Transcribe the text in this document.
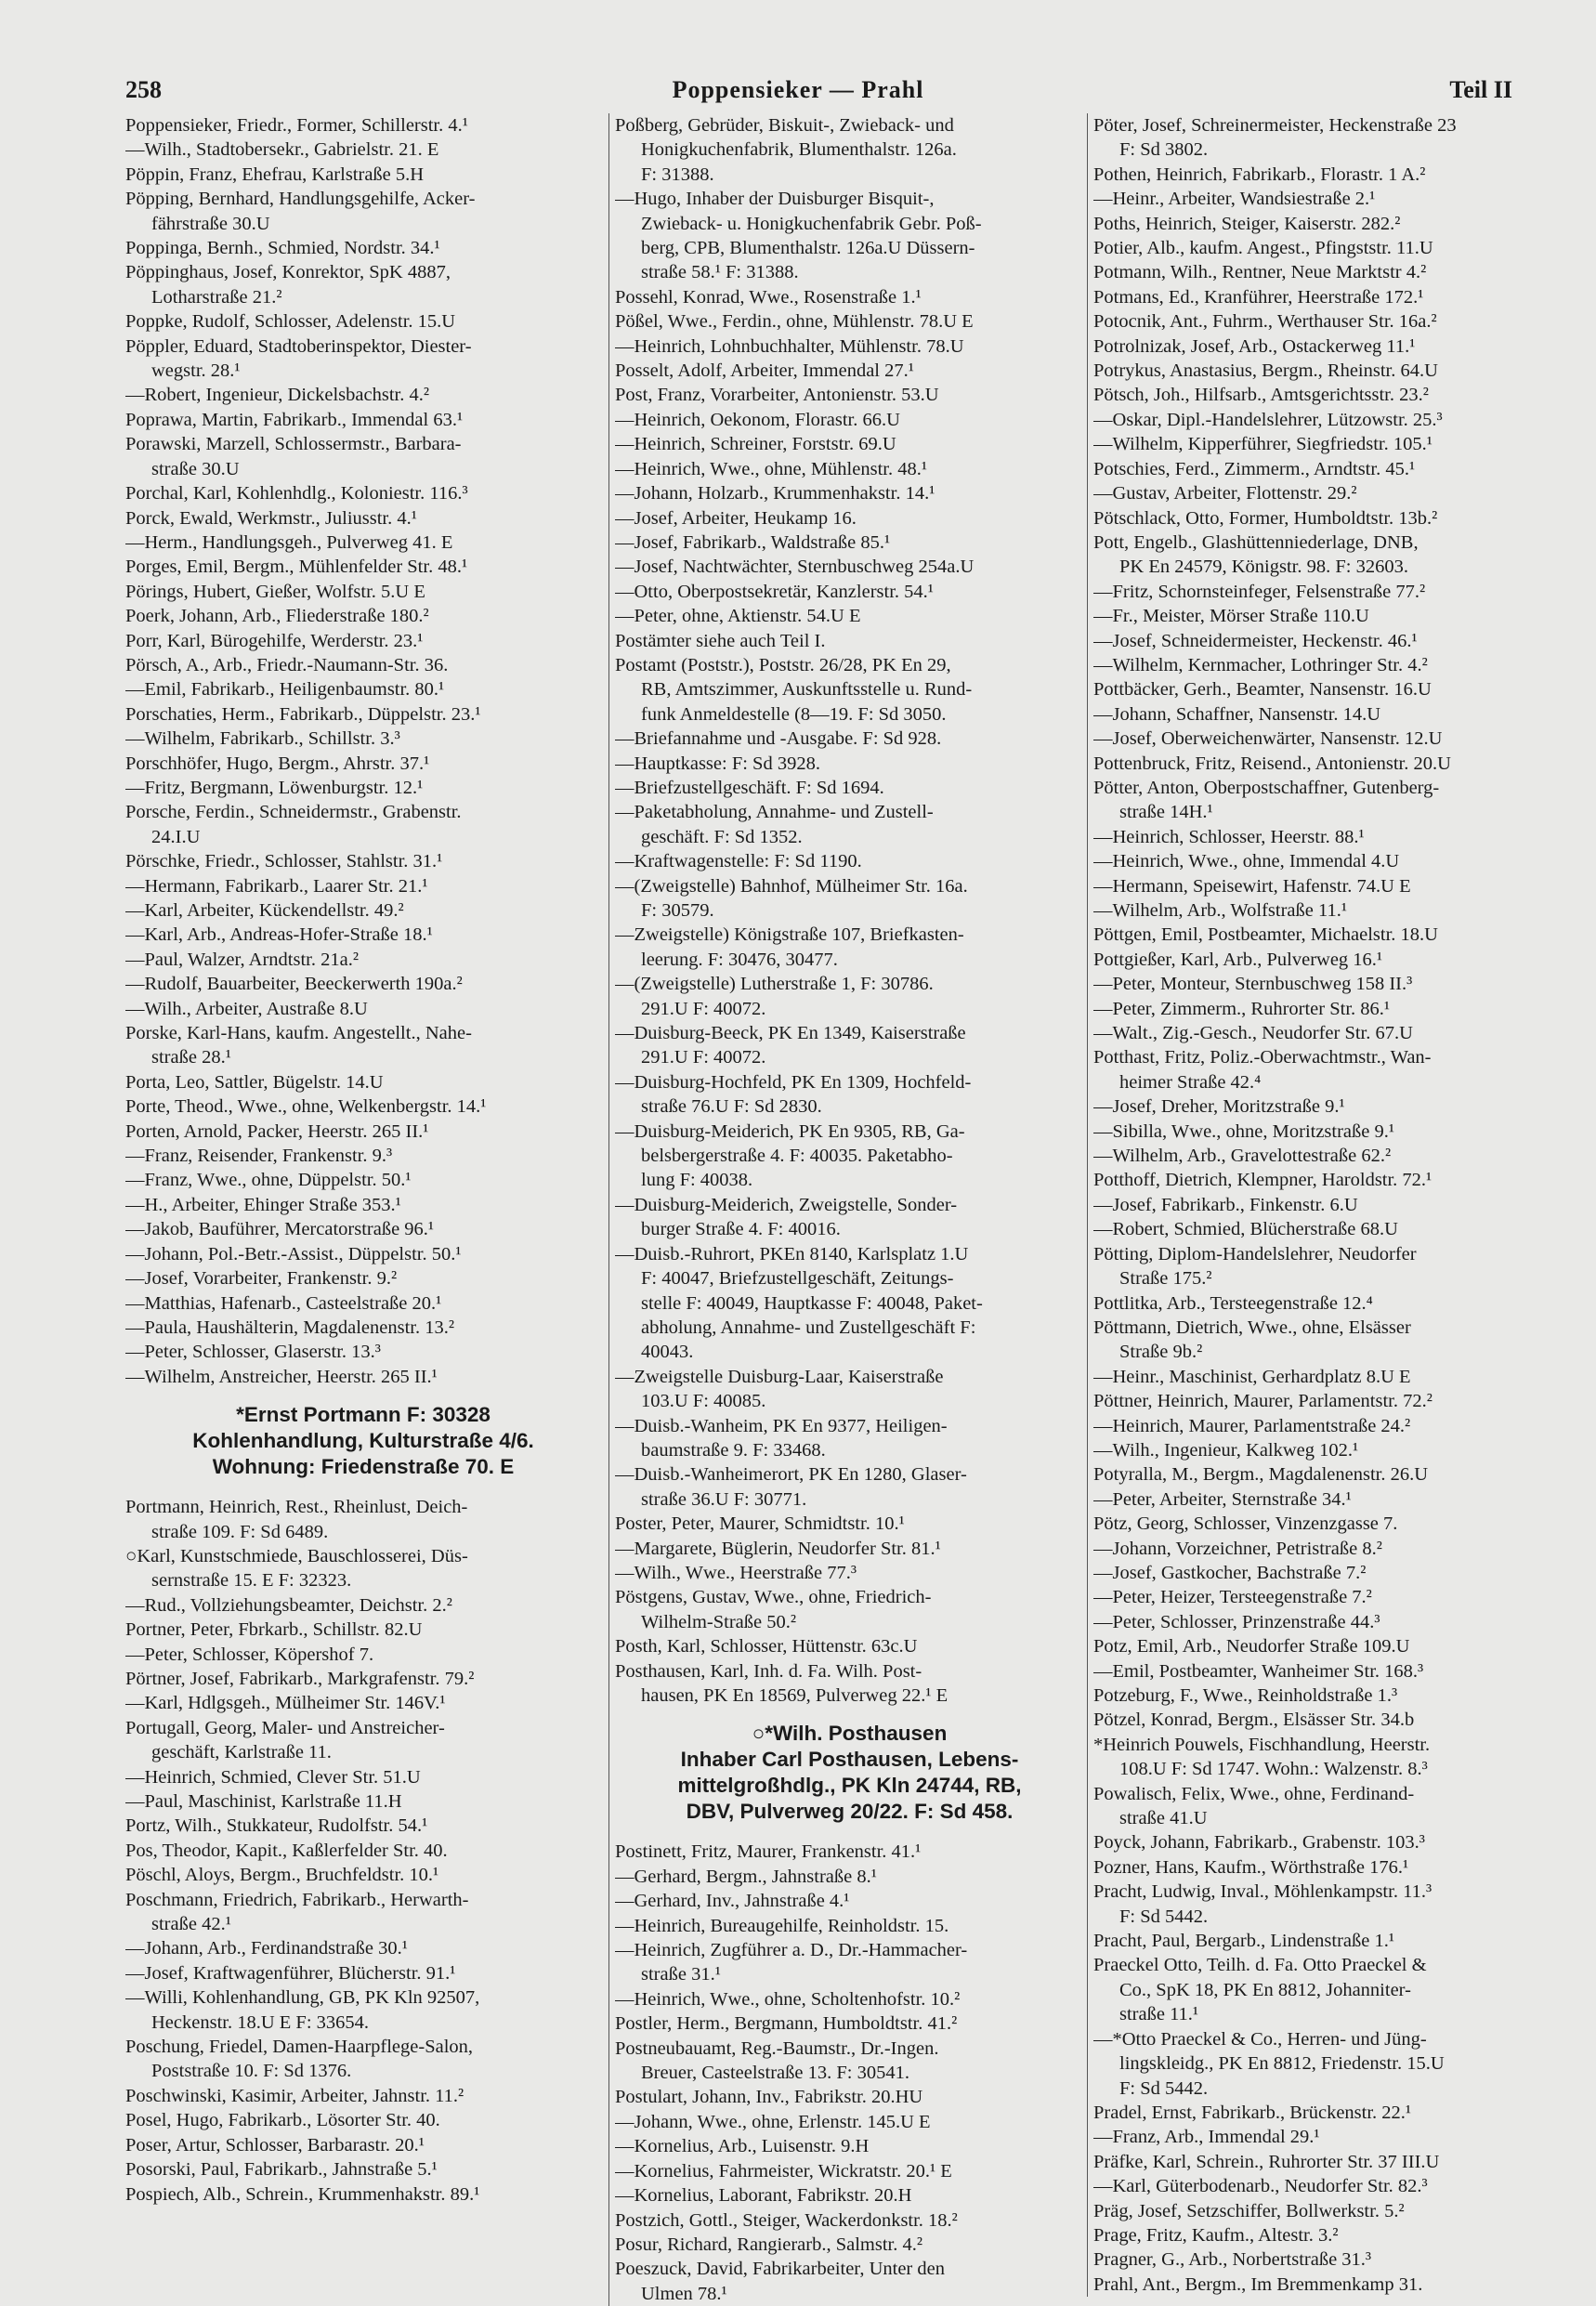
258	Poppensieker — Prahl	Teil II
Poppensieker, Friedr., Former, Schillerstr. 4.¹
—Wilh., Stadtobersekr., Gabrielstr. 21. E
Pöppin, Franz, Ehefrau, Karlstraße 5.H
Pöpping, Bernhard, Handlungsgehilfe, Acker-
fährstraße 30.U
Poppinga, Bernh., Schmied, Nordstr. 34.¹
Pöppinghaus, Josef, Konrektor, SpK 4887,
Lotharstraße 21.²
Poppke, Rudolf, Schlosser, Adelenstr. 15.U
Pöppler, Eduard, Stadtoberinspektor, Diester-
wegstr. 28.¹
—Robert, Ingenieur, Dickelsbachstr. 4.²
Poprawa, Martin, Fabrikarb., Immendal 63.¹
Porawski, Marzell, Schlossermstr., Barbara-
straße 30.U
Porchal, Karl, Kohlenhdlg., Koloniestr. 116.³
Porck, Ewald, Werkmstr., Juliusstr. 4.¹
—Herm., Handlungsgeh., Pulverweg 41. E
Porges, Emil, Bergm., Mühlenfelder Str. 48.¹
Pörings, Hubert, Gießer, Wolfstr. 5.U E
Poerk, Johann, Arb., Fliederstraße 180.²
Porr, Karl, Bürogehilfe, Werderstr. 23.¹
Pörsch, A., Arb., Friedr.-Naumann-Str. 36.
—Emil, Fabrikarb., Heiligenbaumstr. 80.¹
Porschaties, Herm., Fabrikarb., Düppelstr. 23.¹
—Wilhelm, Fabrikarb., Schillstr. 3.³
Porschhöfer, Hugo, Bergm., Ahrstr. 37.¹
—Fritz, Bergmann, Löwenburgstr. 12.¹
Porsche, Ferdin., Schneidermstr., Grabenstr.
24.I.U
Pörschke, Friedr., Schlosser, Stahlstr. 31.¹
—Hermann, Fabrikarb., Laarer Str. 21.¹
—Karl, Arbeiter, Kückendellstr. 49.²
—Karl, Arb., Andreas-Hofer-Straße 18.¹
—Paul, Walzer, Arndtstr. 21a.²
—Rudolf, Bauarbeiter, Beeckerwerth 190a.²
—Wilh., Arbeiter, Austraße 8.U
Porske, Karl-Hans, kaufm. Angestellt., Nahe-
straße 28.¹
Porta, Leo, Sattler, Bügelstr. 14.U
Porte, Theod., Wwe., ohne, Welkenbergstr. 14.¹
Porten, Arnold, Packer, Heerstr. 265 II.¹
—Franz, Reisender, Frankenstr. 9.³
—Franz, Wwe., ohne, Düppelstr. 50.¹
—H., Arbeiter, Ehinger Straße 353.¹
—Jakob, Bauführer, Mercatorstraße 96.¹
—Johann, Pol.-Betr.-Assist., Düppelstr. 50.¹
—Josef, Vorarbeiter, Frankenstr. 9.²
—Matthias, Hafenarb., Casteelstraße 20.¹
—Paula, Haushälterin, Magdalenenstr. 13.²
—Peter, Schlosser, Glaserstr. 13.³
—Wilhelm, Anstreicher, Heerstr. 265 II.¹
*Ernst Portmann F: 30328
Kohlenhandlung, Kulturstraße 4/6.
Wohnung: Friedenstraße 70. E
Portmann, Heinrich, Rest., Rheinlust, Deich-
straße 109. F: Sd 6489.
○Karl, Kunstschmiede, Bauschlosserei, Düs-
sernstraße 15. E F: 32323.
—Rud., Vollziehungsbeamter, Deichstr. 2.²
Portner, Peter, Fbrkarb., Schillstr. 82.U
—Peter, Schlosser, Köpershof 7.
Pörtner, Josef, Fabrikarb., Markgrafenstr. 79.²
—Karl, Hdlgsgeh., Mülheimer Str. 146V.¹
Portugall, Georg, Maler- und Anstreicher-
geschäft, Karlstraße 11.
—Heinrich, Schmied, Clever Str. 51.U
—Paul, Maschinist, Karlstraße 11.H
Portz, Wilh., Stukkateur, Rudolfstr. 54.¹
Pos, Theodor, Kapit., Kaßlerfelder Str. 40.
Pöschl, Aloys, Bergm., Bruchfeldstr. 10.¹
Poschmann, Friedrich, Fabrikarb., Herwarth-
straße 42.¹
—Johann, Arb., Ferdinandstraße 30.¹
—Josef, Kraftwagenführer, Blücherstr. 91.¹
—Willi, Kohlenhandlung, GB, PK Kln 92507,
Heckenstr. 18.U E F: 33654.
Poschung, Friedel, Damen-Haarpflege-Salon,
Poststraße 10. F: Sd 1376.
Poschwinski, Kasimir, Arbeiter, Jahnstr. 11.²
Posel, Hugo, Fabrikarb., Lösorter Str. 40.
Poser, Artur, Schlosser, Barbarastr. 20.¹
Posorski, Paul, Fabrikarb., Jahnstraße 5.¹
Pospiech, Alb., Schrein., Krummenhakstr. 89.¹
Poßberg, Gebrüder, Biskuit-, Zwieback- und
Honigkuchenfabrik, Blumenthalstr. 126a.
F: 31388.
—Hugo, Inhaber der Duisburger Bisquit-,
Zwieback- u. Honigkuchenfabrik Gebr. Poß-
berg, CPB, Blumenthalstr. 126a.U Düssern-
straße 58.¹ F: 31388.
Possehl, Konrad, Wwe., Rosenstraße 1.¹
Pößel, Wwe., Ferdin., ohne, Mühlenstr. 78.U E
—Heinrich, Lohnbuchhalter, Mühlenstr. 78.U
Posselt, Adolf, Arbeiter, Immendal 27.¹
Post, Franz, Vorarbeiter, Antonienstr. 53.U
—Heinrich, Oekonom, Florastr. 66.U
—Heinrich, Schreiner, Forststr. 69.U
—Heinrich, Wwe., ohne, Mühlenstr. 48.¹
—Johann, Holzarb., Krummenhakstr. 14.¹
—Josef, Arbeiter, Heukamp 16.
—Josef, Fabrikarb., Waldstraße 85.¹
—Josef, Nachtwächter, Sternbuschweg 254a.U
—Otto, Oberpostsekretär, Kanzlerstr. 54.¹
—Peter, ohne, Aktienstr. 54.U E
Postämter siehe auch Teil I.
Postamt (Poststr.), Poststr. 26/28, PK En 29,
RB, Amtszimmer, Auskunftsstelle u. Rund-
funk Anmeldestelle (8—19. F: Sd 3050.
—Briefannahme und -Ausgabe. F: Sd 928.
—Hauptkasse: F: Sd 3928.
—Briefzustellgeschäft. F: Sd 1694.
—Paketabholung, Annahme- und Zustell-
geschäft. F: Sd 1352.
—Kraftwagenstelle: F: Sd 1190.
—(Zweigstelle) Bahnhof, Mülheimer Str. 16a.
F: 30579.
—Zweigstelle) Königstraße 107, Briefkasten-
leerung. F: 30476, 30477.
—(Zweigstelle) Lutherstraße 1, F: 30786.
291.U F: 40072.
—Duisburg-Beeck, PK En 1349, Kaiserstraße
291.U F: 40072.
—Duisburg-Hochfeld, PK En 1309, Hochfeld-
straße 76.U F: Sd 2830.
—Duisburg-Meiderich, PK En 9305, RB, Ga-
belsbergerstraße 4. F: 40035. Paketabho-
lung F: 40038.
—Duisburg-Meiderich, Zweigstelle, Sonder-
burger Straße 4. F: 40016.
—Duisb.-Ruhrort, PKEn 8140, Karlsplatz 1.U
F: 40047, Briefzustellgeschäft, Zeitungs-
stelle F: 40049, Hauptkasse F: 40048, Paket-
abholung, Annahme- und Zustellgeschäft F:
40043.
—Zweigstelle Duisburg-Laar, Kaiserstraße
103.U F: 40085.
—Duisb.-Wanheim, PK En 9377, Heiligen-
baumstraße 9. F: 33468.
—Duisb.-Wanheimerort, PK En 1280, Glaser-
straße 36.U F: 30771.
Poster, Peter, Maurer, Schmidtstr. 10.¹
—Margarete, Büglerin, Neudorfer Str. 81.¹
—Wilh., Wwe., Heerstraße 77.³
Pöstgens, Gustav, Wwe., ohne, Friedrich-
Wilhelm-Straße 50.²
Posth, Karl, Schlosser, Hüttenstr. 63c.U
Posthausen, Karl, Inh. d. Fa. Wilh. Post-
hausen, PK En 18569, Pulverweg 22.¹ E
○*Wilh. Posthausen
Inhaber Carl Posthausen, Lebens-
mittelgroßhdlg., PK Kln 24744, RB,
DBV, Pulverweg 20/22. F: Sd 458.
Postinett, Fritz, Maurer, Frankenstr. 41.¹
—Gerhard, Bergm., Jahnstraße 8.¹
—Gerhard, Inv., Jahnstraße 4.¹
—Heinrich, Bureaugehilfe, Reinholdstr. 15.
—Heinrich, Zugführer a. D., Dr.-Hammacher-
straße 31.¹
—Heinrich, Wwe., ohne, Scholtenhofstr. 10.²
Postler, Herm., Bergmann, Humboldtstr. 41.²
Postneubauamt, Reg.-Baumstr., Dr.-Ingen.
Breuer, Casteelstraße 13. F: 30541.
Postulart, Johann, Inv., Fabrikstr. 20.HU
—Johann, Wwe., ohne, Erlenstr. 145.U E
—Kornelius, Arb., Luisenstr. 9.H
—Kornelius, Fahrmeister, Wickratstr. 20.¹ E
—Kornelius, Laborant, Fabrikstr. 20.H
Postzich, Gottl., Steiger, Wackerdonkstr. 18.²
Posur, Richard, Rangierarb., Salmstr. 4.²
Poeszuck, David, Fabrikarbeiter, Unter den
Ulmen 78.¹
Pöter, Josef, Schreinermeister, Heckenstraße 23
F: Sd 3802.
Pothen, Heinrich, Fabrikarb., Florastr. 1 A.²
—Heinr., Arbeiter, Wandsiestraße 2.¹
Poths, Heinrich, Steiger, Kaiserstr. 282.²
Potier, Alb., kaufm. Angest., Pfingststr. 11.U
Potmann, Wilh., Rentner, Neue Marktstr 4.²
Potmans, Ed., Kranführer, Heerstraße 172.¹
Potocnik, Ant., Fuhrm., Werthauser Str. 16a.²
Potrolnizak, Josef, Arb., Ostackerweg 11.¹
Potrykus, Anastasius, Bergm., Rheinstr. 64.U
Pötsch, Joh., Hilfsarb., Amtsgerichtsstr. 23.²
—Oskar, Dipl.-Handelslehrer, Lützowstr. 25.³
—Wilhelm, Kipperführer, Siegfriedstr. 105.¹
Potschies, Ferd., Zimmerm., Arndtstr. 45.¹
—Gustav, Arbeiter, Flottenstr. 29.²
Pötschlack, Otto, Former, Humboldtstr. 13b.²
Pott, Engelb., Glashüttenniederlage, DNB,
PK En 24579, Königstr. 98. F: 32603.
—Fritz, Schornsteinfeger, Felsenstraße 77.²
—Fr., Meister, Mörser Straße 110.U
—Josef, Schneidermeister, Heckenstr. 46.¹
—Wilhelm, Kernmacher, Lothringer Str. 4.²
Pottbäcker, Gerh., Beamter, Nansenstr. 16.U
—Johann, Schaffner, Nansenstr. 14.U
—Josef, Oberweichenwärter, Nansenstr. 12.U
Pottenbruck, Fritz, Reisend., Antonienstr. 20.U
Pötter, Anton, Oberpostschaffner, Gutenberg-
straße 14H.¹
—Heinrich, Schlosser, Heerstr. 88.¹
—Heinrich, Wwe., ohne, Immendal 4.U
—Hermann, Speisewirt, Hafenstr. 74.U E
—Wilhelm, Arb., Wolfstraße 11.¹
Pöttgen, Emil, Postbeamter, Michaelstr. 18.U
Pottgießer, Karl, Arb., Pulverweg 16.¹
—Peter, Monteur, Sternbuschweg 158 II.³
—Peter, Zimmerm., Ruhrorter Str. 86.¹
—Walt., Zig.-Gesch., Neudorfer Str. 67.U
Potthast, Fritz, Poliz.-Oberwachtmstr., Wan-
heimer Straße 42.⁴
—Josef, Dreher, Moritzstraße 9.¹
—Sibilla, Wwe., ohne, Moritzstraße 9.¹
—Wilhelm, Arb., Gravelottestraße 62.²
Potthoff, Dietrich, Klempner, Haroldstr. 72.¹
—Josef, Fabrikarb., Finkenstr. 6.U
—Robert, Schmied, Blücherstraße 68.U
Pötting, Diplom-Handelslehrer, Neudorfer
Straße 175.²
Pottlitka, Arb., Tersteegenstraße 12.⁴
Pöttmann, Dietrich, Wwe., ohne, Elsässer
Straße 9b.²
—Heinr., Maschinist, Gerhardplatz 8.U E
Pöttner, Heinrich, Maurer, Parlamentstr. 72.²
—Heinrich, Maurer, Parlamentstraße 24.²
—Wilh., Ingenieur, Kalkweg 102.¹
Potyralla, M., Bergm., Magdalenenstr. 26.U
—Peter, Arbeiter, Sternstraße 34.¹
Pötz, Georg, Schlosser, Vinzenzgasse 7.
—Johann, Vorzeichner, Petristraße 8.²
—Josef, Gastkocher, Bachstraße 7.²
—Peter, Heizer, Tersteegenstraße 7.²
—Peter, Schlosser, Prinzenstraße 44.³
Potz, Emil, Arb., Neudorfer Straße 109.U
—Emil, Postbeamter, Wanheimer Str. 168.³
Potzeburg, F., Wwe., Reinholdstraße 1.³
Pötzel, Konrad, Bergm., Elsässer Str. 34.b
*Heinrich Pouwels, Fischhandlung, Heerstr.
108.U F: Sd 1747. Wohn.: Walzenstr. 8.³
Powalisch, Felix, Wwe., ohne, Ferdinand-
straße 41.U
Poyck, Johann, Fabrikarb., Grabenstr. 103.³
Pozner, Hans, Kaufm., Wörthstraße 176.¹
Pracht, Ludwig, Inval., Möhlenkampstr. 11.³
F: Sd 5442.
Pracht, Paul, Bergarb., Lindenstraße 1.¹
Praeckel Otto, Teilh. d. Fa. Otto Praeckel &
Co., SpK 18, PK En 8812, Johanniter-
straße 11.¹
—*Otto Praeckel & Co., Herren- und Jüng-
lingskleidg., PK En 8812, Friedenstr. 15.U
F: Sd 5442.
Pradel, Ernst, Fabrikarb., Brückenstr. 22.¹
—Franz, Arb., Immendal 29.¹
Präfke, Karl, Schrein., Ruhrorter Str. 37 III.U
—Karl, Güterbodenarb., Neudorfer Str. 82.³
Präg, Josef, Setzschiffer, Bollwerkstr. 5.²
Prage, Fritz, Kaufm., Altestr. 3.²
Pragner, G., Arb., Norbertstraße 31.³
Prahl, Ant., Bergm., Im Bremmenkamp 31.
